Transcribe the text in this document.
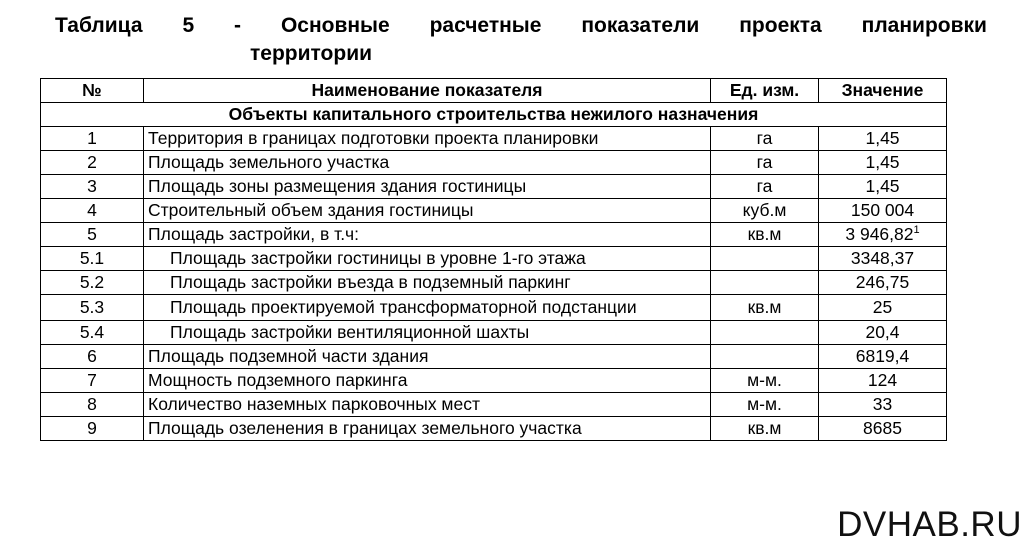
Таблица 5 - Основные расчетные показатели проекта планировки
территории
№	Наименование показателя	Ед. изм.	Значение
Объекты капитального строительства нежилого назначения			
1	Территория в границах подготовки проекта планировки	га	1,45
2	Площадь земельного участка	га	1,45
3	Площадь зоны размещения здания гостиницы	га	1,45
4	Строительный объем здания гостиницы	куб.м	150 004
5	Площадь застройки, в т.ч:	кв.м	3 946,82$^1$
5.1	Площадь застройки гостиницы в уровне 1-го этажа		3348,37
5.2	Площадь застройки въезда в подземный паркинг		246,75
5.3	Площадь проектируемой трансформаторной подстанции	кв.м	25
5.4	Площадь застройки вентиляционной шахты		20,4
6	Площадь подземной части здания		6819,4
7	Мощность подземного паркинга	м-м.	124
8	Количество наземных парковочных мест	м-м.	33
9	Площадь озеленения в границах земельного участка	кв.м	8685
DVHAB.RU
